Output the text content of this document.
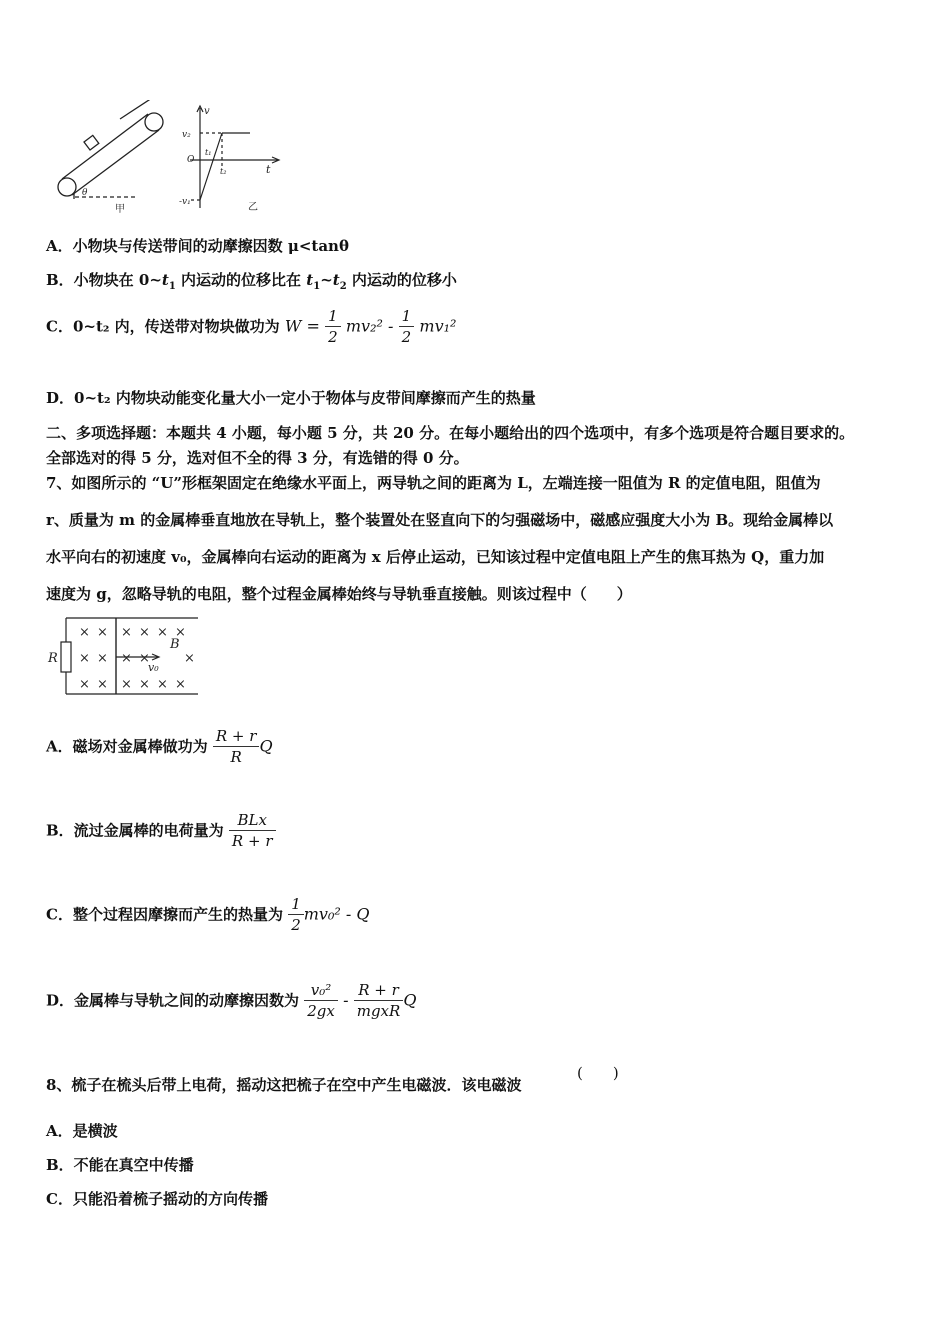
θ
甲
v
v₂
O
t₁
t₂	t
-v₁	乙
A．小物块与传送带间的动摩擦因数 μ<tanθ
B．小物块在 $0\sim t_1$ 内运动的位移比在 $t_1\sim t_2$ 内运动的位移小
C．0~t₂ 内，传送带对物块做功为 $W = \frac{1}{2} mv_2^2 - \frac{1}{2} mv_1^2$
D．0~t₂ 内物块动能变化量大小一定小于物体与皮带间摩擦而产生的热量
二、多项选择题：本题共 4 小题，每小题 5 分，共 20 分。在每小题给出的四个选项中，有多个选项是符合题目要求的。
全部选对的得 5 分，选对但不全的得 3 分，有选错的得 0 分。
7、如图所示的 “U”形框架固定在绝缘水平面上，两导轨之间的距离为 L，左端连接一阻值为 R 的定值电阻，阻值为
r、质量为 m 的金属棒垂直地放在导轨上，整个装置处在竖直向下的匀强磁场中，磁感应强度大小为 B。现给金属棒以
水平向右的初速度 v₀，金属棒向右运动的距离为 x 后停止运动，已知该过程中定值电阻上产生的焦耳热为 Q，重力加
速度为 g，忽略导轨的电阻，整个过程金属棒始终与导轨垂直接触。则该过程中（　　）
R
B
v₀
× × × × × ×
× × × ×	×
× × × × × ×
A．磁场对金属棒做功为 $\frac{R + r}{R}$ Q
B．流过金属棒的电荷量为 $\frac{\text{BLx}}{R + r}$
C．整个过程因摩擦而产生的热量为 $\frac{1}{2} mv_0^2$ - Q
D．金属棒与导轨之间的动摩擦因数为 $\frac{\text{v₀²}}{2gx} - \frac{R + r}{\text{mgxR}}$ Q
8、梳子在梳头后带上电荷，摇动这把梳子在空中产生电磁波．该电磁波
(　　)
A．是横波
B．不能在真空中传播
C．只能沿着梳子摇动的方向传播
